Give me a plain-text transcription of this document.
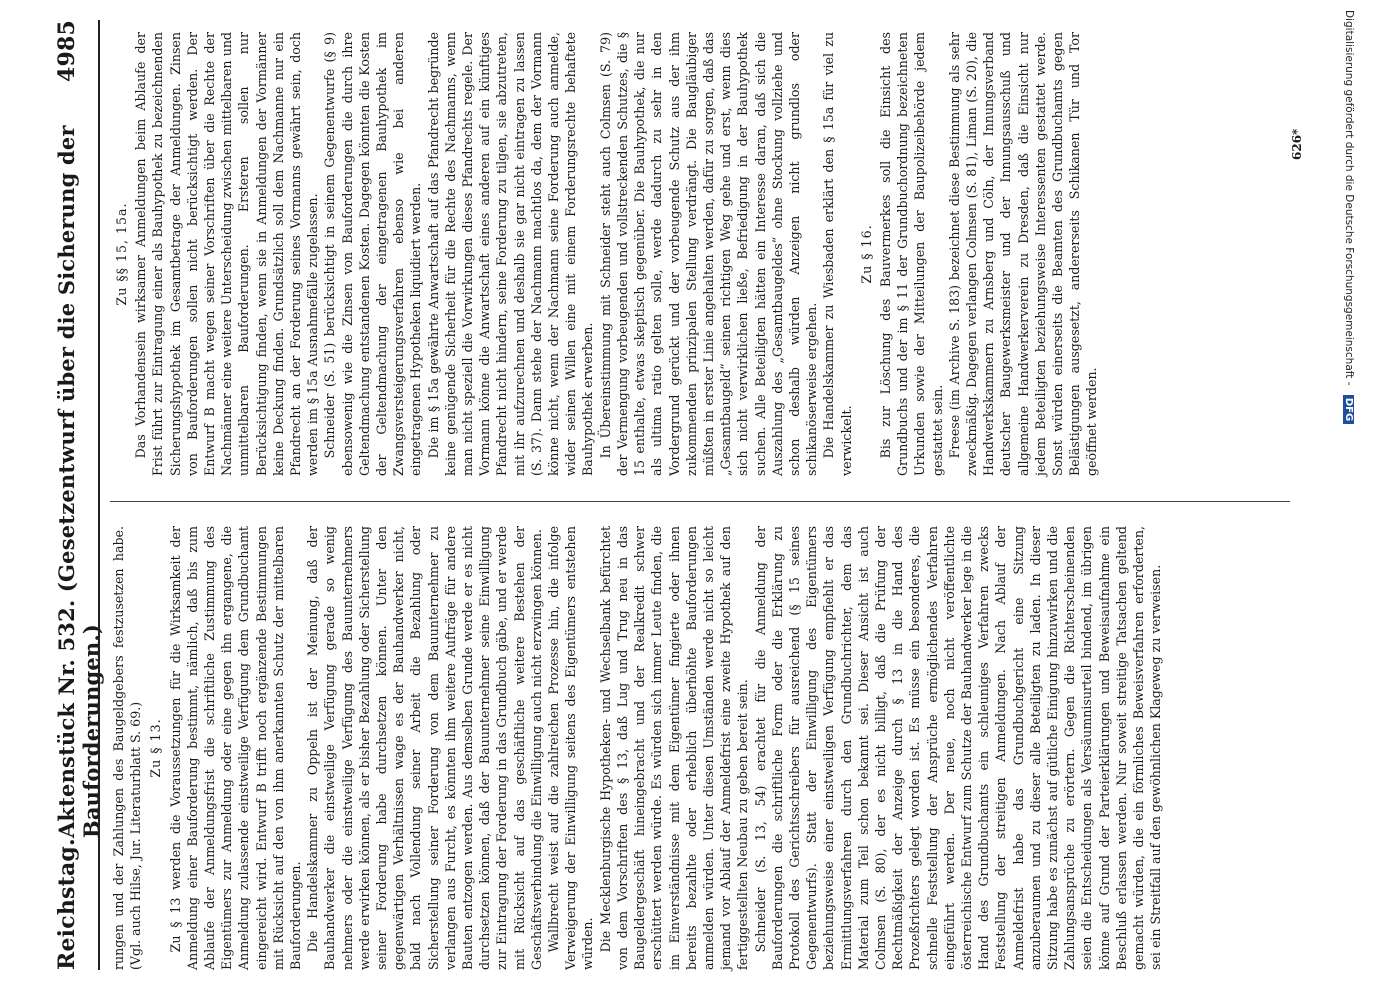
Reichstag.
Aktenstück Nr. 532. (Gesetzentwurf über die Sicherung der Bauforderungen.)
4985

rungen und der Zahlungen des Baugeldgebers festzusetzen habe. (Vgl. auch Hilse, Jur. Literaturblatt S. 69.) Zu § 13. Zu § 13 werden die Voraussetzungen für die Wirksamkeit der Anmeldung einer Bauforderung bestimmt, nämlich, daß bis zum Ablaufe der Anmeldungsfrist die schriftliche Zustimmung des Eigentümers zur Anmeldung oder eine gegen ihn ergangene, die Anmeldung zulassende einstweilige Verfügung dem Grundbuchamt eingereicht wird. Entwurf B trifft noch ergänzende Bestimmungen mit Rücksicht auf den von ihm anerkannten Schutz der mittelbaren Bauforderungen. Die Handelskammer zu Oppeln ist der Meinung, daß der Bauhandwerker die einstweilige Verfügung gerade so wenig nehmers oder die einstweilige Verfügung des Bauunternehmers werde erwirken können, als er bisher Bezahlung oder Sicherstellung seiner Forderung habe durchsetzen können. Unter den gegenwärtigen Verhältnissen wage es der Bauhandwerker nicht, bald nach Vollendung seiner Arbeit die Bezahlung oder Sicherstellung seiner Forderung von dem Bauunternehmer zu verlangen aus Furcht, es könnten ihm weitere Aufträge für andere Bauten entzogen werden. Aus demselben Grunde werde er es nicht durchsetzen können, daß der Bauunternehmer seine Einwilligung zur Eintragung der Forderung in das Grundbuch gäbe, und er werde mit Rücksicht auf das geschäftliche weitere Bestehen der Geschäftsverbindung die Einwilligung auch nicht erzwingen können. Wallbrecht weist auf die zahlreichen Prozesse hin, die infolge Verweigerung der Einwilligung seitens des Eigentümers entstehen würden. Die Mecklenburgische Hypotheken- und Wechselbank befürchtet von dem Vorschriften des § 13, daß Lug und Trug neu in das Baugeldergeschäft hineingebracht und der Realkredit schwer erschüttert werden würde. Es würden sich immer Leute finden, die im Einverständnisse mit dem Eigentümer fingierte oder ihnen bereits bezahlte oder erheblich überhöhte Bauforderungen anmelden würden. Unter diesen Umständen werde nicht so leicht jemand vor Ablauf der Anmeldefrist eine zweite Hypothek auf den fertiggestellten Neubau zu geben bereit sein. Schneider (S. 13, 54) erachtet für die Anmeldung der Bauforderungen die schriftliche Form oder die Erklärung zu Protokoll des Gerichtsschreibers für ausreichend (§ 15 seines Gegenentwurfs). Statt der Einwilligung des Eigentümers beziehungsweise einer einstweiligen Verfügung empfiehlt er das Ermittlungsverfahren durch den Grundbuchrichter, dem das Material zum Teil schon bekannt sei. Dieser Ansicht ist auch Colmsen (S. 80), der es nicht billigt, daß die Prüfung der Rechtmäßigkeit der Anzeige durch § 13 in die Hand des Prozeßrichters gelegt worden ist. Es müsse ein besonderes, die schnelle Feststellung der Ansprüche ermöglichendes Verfahren eingeführt werden. Der neue, noch nicht veröffentlichte österreichische Entwurf zum Schutze der Bauhandwerker lege in die Hand des Grundbuchamts ein schleuniges Verfahren zwecks Feststellung der streitigen Anmeldungen. Nach Ablauf der Anmeldefrist habe das Grundbuchgericht eine Sitzung anzuberaumen und zu dieser alle Beteiligten zu laden. In dieser Sitzung habe es zunächst auf gütliche Einigung hinzuwirken und die Zahlungsansprüche zu erörtern. Gegen die Richterscheinenden seien die Entscheidungen als Versäumnisurteil bindend, im übrigen könne auf Grund der Parteierklärungen und Beweisaufnahme ein Beschluß erlassen werden. Nur soweit streitige Tatsachen geltend gemacht würden, die ein förmliches Beweisverfahren erforderten, sei ein Streitfall auf den gewöhnlichen Klageweg zu verweisen.

Zu §§ 15, 15a. Das Vorhandensein wirksamer Anmeldungen beim Ablaufe der Frist führt zur Eintragung einer als Bauhypothek zu bezeichnenden Sicherungshypothek im Gesamtbetrage der Anmeldungen. Zinsen von Bauforderungen sollen nicht berücksichtigt werden. Der Entwurf B macht wegen seiner Vorschriften über die Rechte der Nachmänner eine weitere Unterscheidung zwischen mittelbaren und unmittelbaren Bauforderungen. Ersteren sollen nur Berücksichtigung finden, wenn sie in Anmeldungen der Vormänner keine Deckung finden. Grundsätzlich soll dem Nachmanne nur ein Pfandrecht an der Forderung seines Vormanns gewährt sein, doch werden im § 15a Ausnahmefälle zugelassen. Schneider (S. 51) berücksichtigt in seinem Gegenentwurfe (§ 9) ebensowenig wie die Zinsen von Bauforderungen die durch ihre Geltendmachung entstandenen Kosten. Dagegen könnten die Kosten der Geltendmachung der eingetragenen Bauhypothek im Zwangsversteigerungsverfahren ebenso wie bei anderen eingetragenen Hypotheken liquidiert werden. Die im § 15a gewährte Anwartschaft auf das Pfandrecht begründe keine genügende Sicherheit für die Rechte des Nachmanns, wenn man nicht speziell die Vorwirkungen dieses Pfandrechts regele. Der Vormann könne die Anwartschaft eines anderen auf ein künftiges Pfandrecht nicht hindern, seine Forderung zu tilgen, sie abzutreten, mit ihr aufzurechnen und deshalb sie gar nicht eintragen zu lassen (S. 37). Dann stehe der Nachmann machtlos da, dem der Vormann könne nicht, wenn der Nachmann seine Forderung auch anmelde, wider seinen Willen eine mit einem Forderungsrechte behaftete Bauhypothek erwerben. In Übereinstimmung mit Schneider steht auch Colmsen (S. 79) der Vermengung vorbeugenden und vollstreckenden Schutzes, die § 15 enthalte, etwas skeptisch gegenüber. Die Bauhypothek, die nur als ultima ratio gelten solle, werde dadurch zu sehr in den Vordergrund gerückt und der vorbeugende Schutz aus der ihm zukommenden prinzipalen Stellung verdrängt. Die Baugläubiger müßten in erster Linie angehalten werden, dafür zu sorgen, daß das „Gesamtbaugeld“ seinen richtigen Weg gehe und erst, wenn dies sich nicht verwirklichen ließe, Befriedigung in der Bauhypothek suchen. Alle Beteiligten hätten ein Interesse daran, daß sich die Auszahlung des „Gesamtbaugeldes“ ohne Stockung vollziehe und schon deshalb würden Anzeigen nicht grundlos oder schikanöserweise ergehen. Die Handelskammer zu Wiesbaden erklärt den § 15a für viel zu verwickelt.

Zu § 16. Bis zur Löschung des Bauvermerkes soll die Einsicht des Grundbuchs und der im § 11 der Grundbuchordnung bezeichneten Urkunden sowie der Mitteilungen der Baupolizeibehörde jedem gestattet sein. Freese (im Archive S. 183) bezeichnet diese Bestimmung als sehr zweckmäßig. Dagegen verlangen Colmsen (S. 81), Liman (S. 20), die Handwerkskammern zu Arnsberg und Cöln, der Innungsverband deutscher Baugewerksmeister und der Innungsausschuß und allgemeine Handwerkerverein zu Dresden, daß die Einsicht nur jedem Beteiligten beziehungsweise Interessenten gestattet werde. Sonst würden einerseits die Beamten des Grundbuchamts gegen Belästigungen ausgesetzt, andererseits Schikanen Tür und Tor geöffnet werden.

626*	Digitalisierung gefördert durch die Deutsche Forschungsgemeinschaft - DFG
